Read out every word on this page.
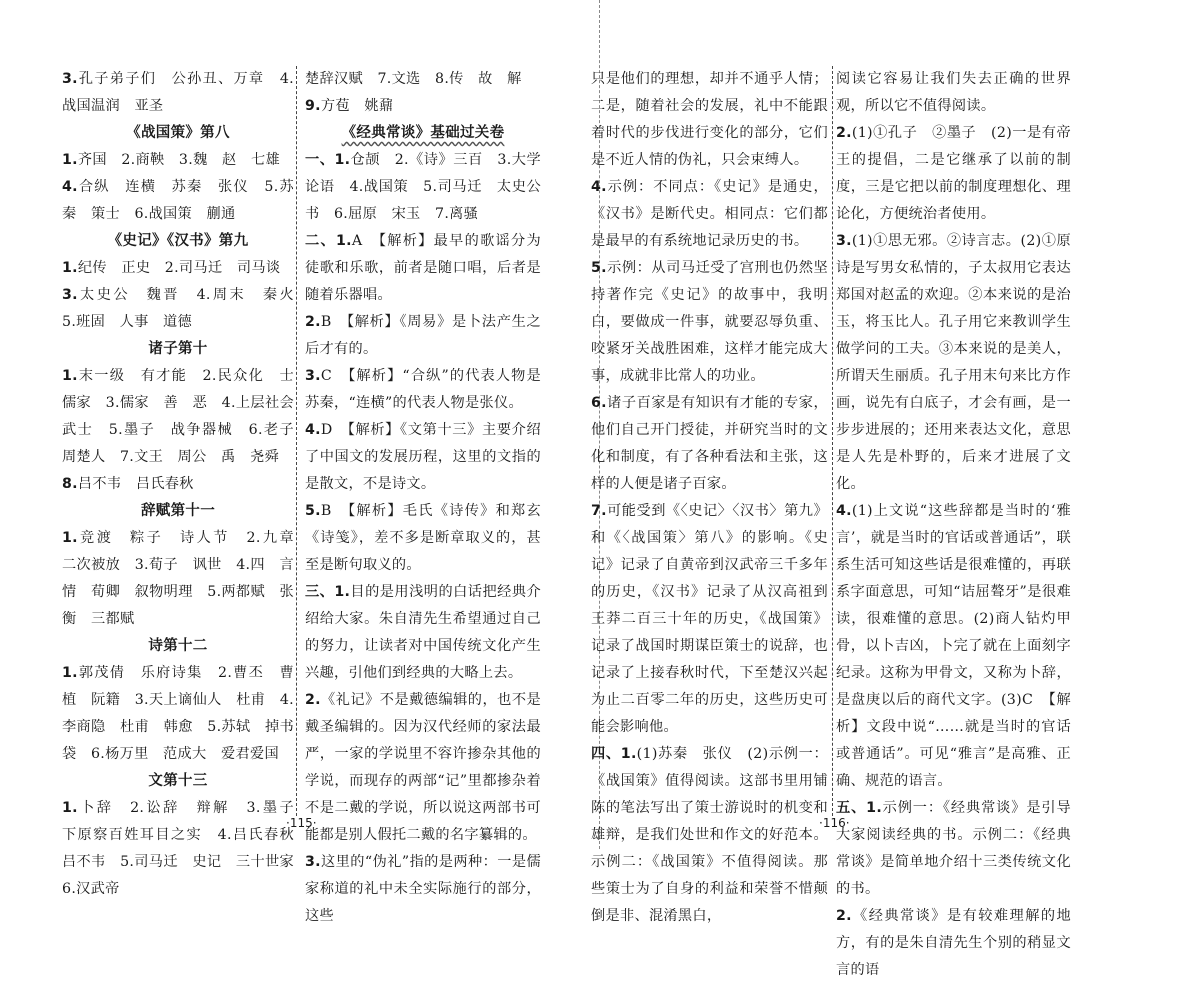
3.孔子弟子们　公孙丑、万章　4.战国温润　亚圣

《战国策》第八

1.齐国　2.商鞅　3.魏　赵　七雄

4.合纵　连横　苏秦　张仪　5.苏秦　策士　6.战国策　蒯通

《史记》《汉书》第九

1.纪传　正史　2.司马迁　司马谈

3.太史公　魏晋　4.周末　秦火　5.班固　人事　道德

诸子第十

1.末一级　有才能　2.民众化　士　儒家　3.儒家　善　恶　4.上层社会　武士　5.墨子　战争器械　6.老子　周楚人　7.文王　周公　禹　尧舜

8.吕不韦　吕氏春秋

辞赋第十一

1.竞渡　粽子　诗人节　2.九章　二次被放　3.荀子　讽世　4.四　言情　荀卿　叙物明理　5.两都赋　张衡　三都赋

诗第十二

1.郭茂倩　乐府诗集　2.曹丕　曹植　阮籍　3.天上谪仙人　杜甫　4.李商隐　杜甫　韩愈　5.苏轼　掉书袋　6.杨万里　范成大　爱君爱国

文第十三

1.卜辞　2.讼辞　辩解　3.墨子　下原察百姓耳目之实　4.吕氏春秋　吕不韦　5.司马迁　史记　三十世家　6.汉武帝

楚辞汉赋　7.文选　8.传　故　解

9.方苞　姚鼐

《经典常谈》基础过关卷

一、1.仓颉　2.《诗》三百　3.大学　论语　4.战国策　5.司马迁　太史公书　6.屈原　宋玉　7.离骚

二、1.A　【解析】最早的歌谣分为徒歌和乐歌，前者是随口唱，后者是随着乐器唱。

2.B　【解析】《周易》是卜法产生之后才有的。

3.C　【解析】“合纵”的代表人物是苏秦，“连横”的代表人物是张仪。

4.D　【解析】《文第十三》主要介绍了中国文的发展历程，这里的文指的是散文，不是诗文。

5.B　【解析】毛氏《诗传》和郑玄《诗笺》，差不多是断章取义的，甚至是断句取义的。

三、1.目的是用浅明的白话把经典介绍给大家。朱自清先生希望通过自己的努力，让读者对中国传统文化产生兴趣，引他们到经典的大略上去。

2.《礼记》不是戴德编辑的，也不是戴圣编辑的。因为汉代经师的家法最严，一家的学说里不容许掺杂其他的学说，而现存的两部“记”里都掺杂着不是二戴的学说，所以说这两部书可能都是别人假托二戴的名字纂辑的。

3.这里的“伪礼”指的是两种：一是儒家称道的礼中未全实际施行的部分，这些

·115·

只是他们的理想，却并不通乎人情；二是，随着社会的发展，礼中不能跟着时代的步伐进行变化的部分，它们是不近人情的伪礼，只会束缚人。

4.示例：不同点：《史记》是通史，《汉书》是断代史。相同点：它们都是最早的有系统地记录历史的书。

5.示例：从司马迁受了宫刑也仍然坚持著作完《史记》的故事中，我明白，要做成一件事，就要忍辱负重、咬紧牙关战胜困难，这样才能完成大事，成就非比常人的功业。

6.诸子百家是有知识有才能的专家，他们自己开门授徒，并研究当时的文化和制度，有了各种看法和主张，这样的人便是诸子百家。

7.可能受到《〈史记〉〈汉书〉第九》和《〈战国策〉第八》的影响。《史记》记录了自黄帝到汉武帝三千多年的历史，《汉书》记录了从汉高祖到王莽二百三十年的历史，《战国策》记录了战国时期谋臣策士的说辞，也记录了上接春秋时代，下至楚汉兴起为止二百零二年的历史，这些历史可能会影响他。

四、1.(1)苏秦　张仪　(2)示例一：《战国策》值得阅读。这部书里用铺陈的笔法写出了策士游说时的机变和雄辩，是我们处世和作文的好范本。示例二：《战国策》不值得阅读。那些策士为了自身的利益和荣誉不惜颠倒是非、混淆黑白，

阅读它容易让我们失去正确的世界观，所以它不值得阅读。

2.(1)①孔子　②墨子　(2)一是有帝王的提倡，二是它继承了以前的制度，三是它把以前的制度理想化、理论化，方便统治者使用。

3.(1)①思无邪。②诗言志。(2)①原诗是写男女私情的，子太叔用它表达郑国对赵孟的欢迎。②本来说的是治玉，将玉比人。孔子用它来教训学生做学问的工夫。③本来说的是美人，所谓天生丽质。孔子用末句来比方作画，说先有白底子，才会有画，是一步步进展的；还用来表达文化，意思是人先是朴野的，后来才进展了文化。

4.(1)上文说“这些辞都是当时的‘雅言’，就是当时的官话或普通话”，联系生活可知这些话是很难懂的，再联系字面意思，可知“诘屈聱牙”是很难读，很难懂的意思。(2)商人钻灼甲骨，以卜吉凶，卜完了就在上面刻字纪录。这称为甲骨文，又称为卜辞，是盘庚以后的商代文字。(3)C　【解析】文段中说“……就是当时的官话或普通话”。可见“雅言”是高雅、正确、规范的语言。

五、1.示例一：《经典常谈》是引导大家阅读经典的书。示例二：《经典常谈》是简单地介绍十三类传统文化的书。

2.《经典常谈》是有较难理解的地方，有的是朱自清先生个别的稍显文言的语

·116·
